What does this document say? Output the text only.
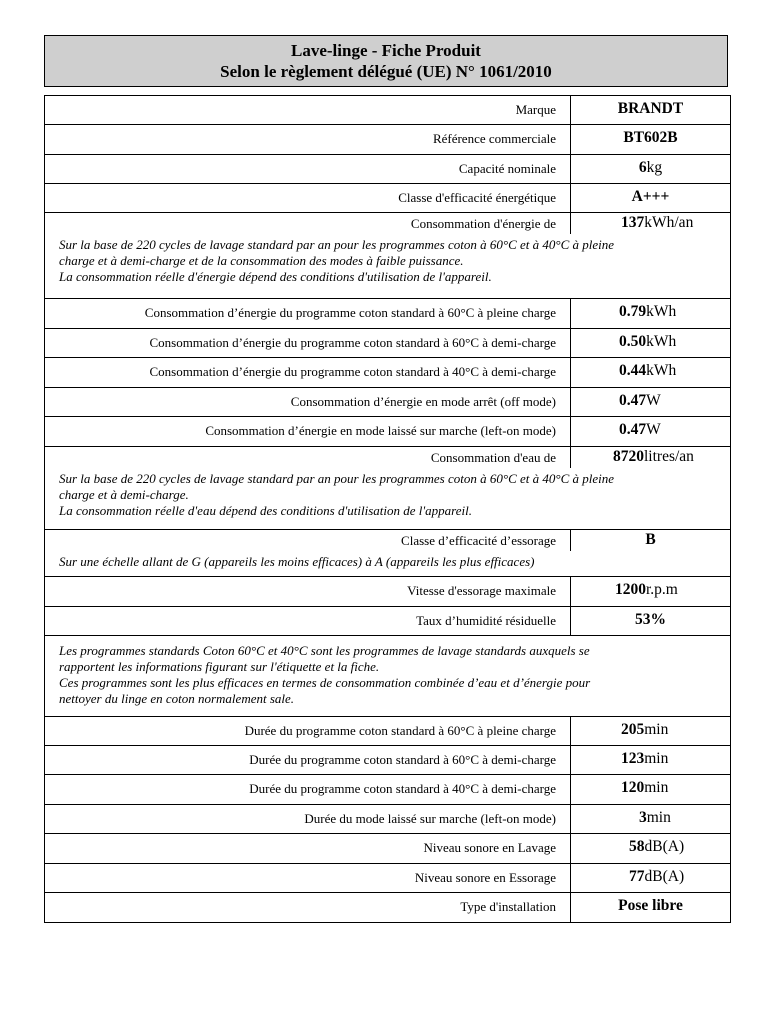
Lave-linge - Fiche Produit
Selon le règlement délégué (UE) N° 1061/2010
Marque	BRANDT
Référence commerciale	BT602B
Capacité nominale	6kg
Classe d'efficacité énergétique	A+++
Consommation d'énergie de	137kWh/an
Sur la base de 220 cycles de lavage standard par an pour les programmes coton à 60°C et à 40°C à pleine
charge et à demi-charge et de la consommation des modes à faible puissance.
La consommation réelle d'énergie dépend des conditions d'utilisation de l'appareil.
Consommation d’énergie du programme coton standard à 60°C à pleine charge	0.79kWh
Consommation d’énergie du programme coton standard à 60°C à demi-charge	0.50kWh
Consommation d’énergie du programme coton standard à 40°C à demi-charge	0.44kWh
Consommation d’énergie en mode arrêt (off mode)	0.47W
Consommation d’énergie en mode laissé sur marche (left-on mode)	0.47W
Consommation d'eau de	8720litres/an
Sur la base de 220 cycles de lavage standard par an pour les programmes coton à 60°C et à 40°C à pleine
charge et à demi-charge.
La consommation réelle d'eau dépend des conditions d'utilisation de l'appareil.
Classe d’efficacité d’essorage	B
Sur une échelle allant de G (appareils les moins efficaces) à A (appareils les plus efficaces)
Vitesse d'essorage maximale	1200r.p.m
Taux d’humidité résiduelle	53%
Les programmes standards Coton 60°C et 40°C sont les programmes de lavage standards auxquels se
rapportent les informations figurant sur l'étiquette et la fiche.
Ces programmes sont les plus efficaces en termes de consommation combinée d’eau et d’énergie pour
nettoyer du linge en coton normalement sale.
Durée du programme coton standard à 60°C à pleine charge	205min
Durée du programme coton standard à 60°C à demi-charge	123min
Durée du programme coton standard à 40°C à demi-charge	120min
Durée du mode laissé sur marche (left-on mode)	3min
Niveau sonore en Lavage	58dB(A)
Niveau sonore en Essorage	77dB(A)
Type d'installation	Pose libre
